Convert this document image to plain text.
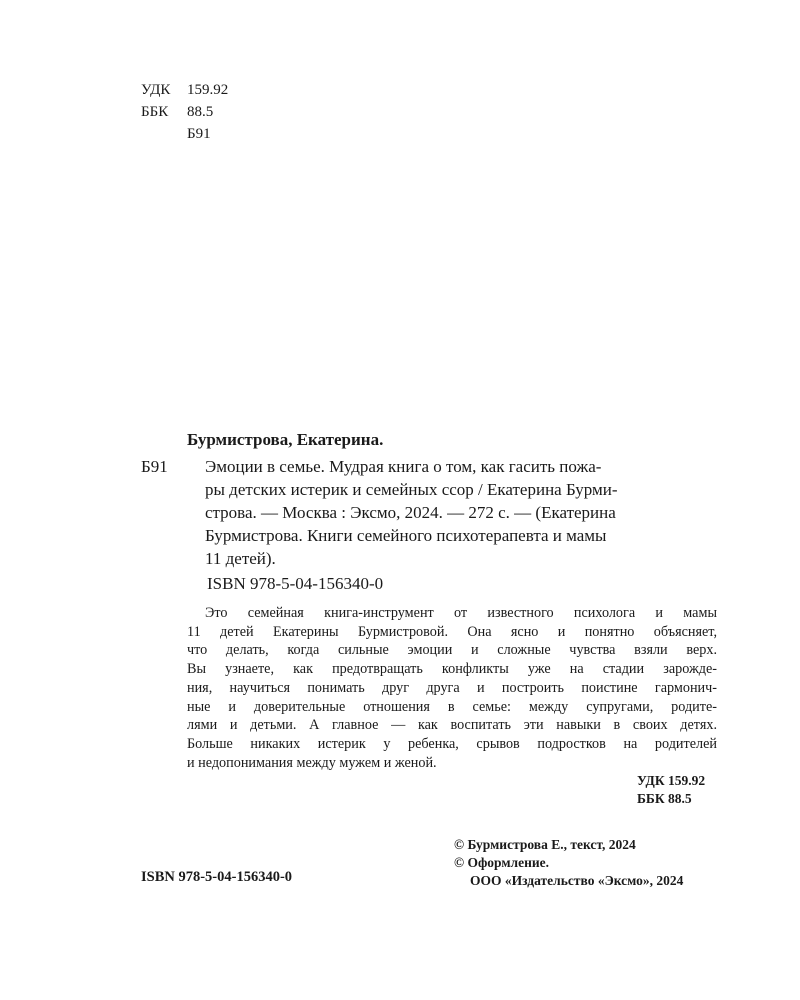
УДК	159.92
ББК	88.5
Б91
Бурмистрова, Екатерина.
Б91	Эмоции в семье. Мудрая книга о том, как гасить пожа-
ры детских истерик и семейных ссор / Екатерина Бурми-
строва. — Москва : Эксмо, 2024. — 272 с. — (Екатерина
Бурмистрова. Книги семейного психотерапевта и мамы
11 детей).
ISBN 978-5-04-156340-0
Это семейная книга-инструмент от известного психолога и мамы
11 детей Екатерины Бурмистровой. Она ясно и понятно объясняет,
что делать, когда сильные эмоции и сложные чувства взяли верх.
Вы узнаете, как предотвращать конфликты уже на стадии зарожде-
ния, научиться понимать друг друга и построить поистине гармонич-
ные и доверительные отношения в семье: между супругами, родите-
лями и детьми. А главное — как воспитать эти навыки в своих детях.
Больше никаких истерик у ребенка, срывов подростков на родителей
и недопонимания между мужем и женой.
УДК 159.92
ББК 88.5
© Бурмистрова Е., текст, 2024
© Оформление.
ООО «Издательство «Эксмо», 2024
ISBN 978-5-04-156340-0
